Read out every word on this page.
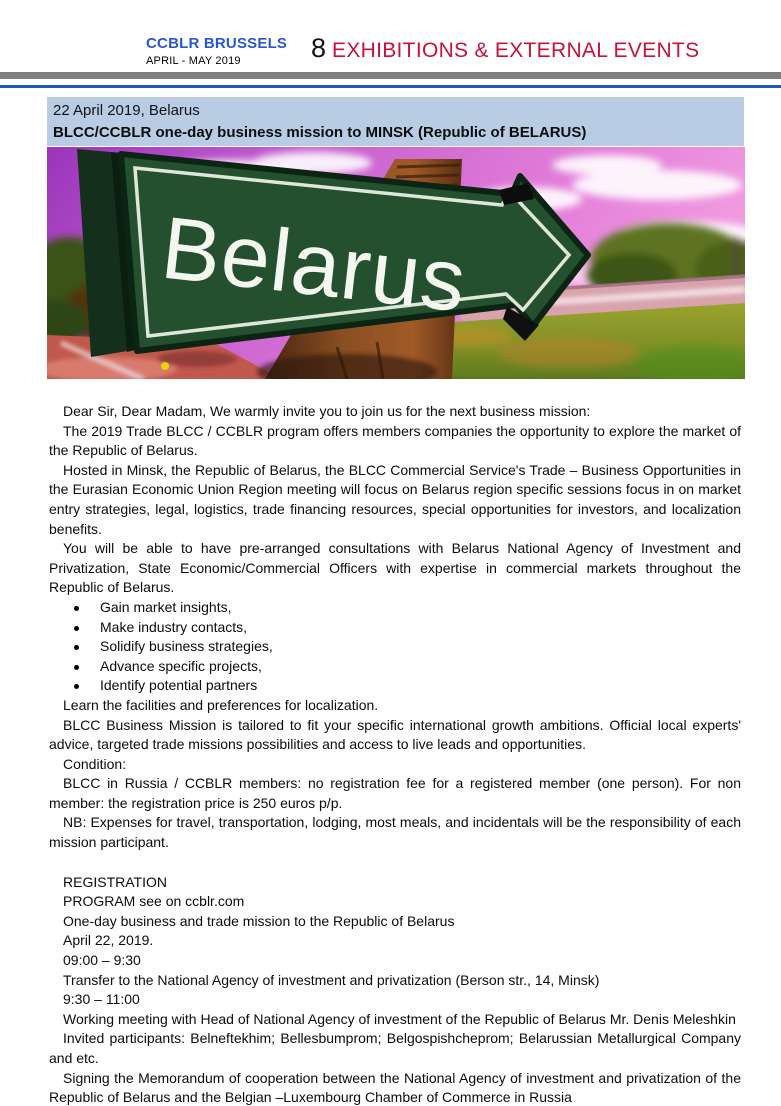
CCBLR BRUSSELS
APRIL - MAY 2019	8 EXHIBITIONS & EXTERNAL EVENTS
22 April 2019, Belarus
BLCC/CCBLR one-day business mission to MINSK (Republic of BELARUS)
Belarus

Dear Sir, Dear Madam, We warmly invite you to join us for the next business mission:

The 2019 Trade BLCC / CCBLR program offers members companies the opportunity to explore the market of the Republic of Belarus.

Hosted in Minsk, the Republic of Belarus, the BLCC Commercial Service's Trade – Business Opportunities in the Eurasian Economic Union Region meeting will focus on Belarus region specific sessions focus in on market entry strategies, legal, logistics, trade financing resources, special opportunities for investors, and localization benefits.

You will be able to have pre-arranged consultations with Belarus National Agency of Investment and Privatization, State Economic/Commercial Officers with expertise in commercial markets throughout the Republic of Belarus.

Gain market insights,
Make industry contacts,
Solidify business strategies,
Advance specific projects,
Identify potential partners

Learn the facilities and preferences for localization.

BLCC Business Mission is tailored to fit your specific international growth ambitions. Official local experts' advice, targeted trade missions possibilities and access to live leads and opportunities.

Condition:

BLCC in Russia / CCBLR members: no registration fee for a registered member (one person). For non member: the registration price is 250 euros p/p.

NB: Expenses for travel, transportation, lodging, most meals, and incidentals will be the responsibility of each mission participant.

REGISTRATION
PROGRAM see on ccblr.com
One-day business and trade mission to the Republic of Belarus
April 22, 2019.
09:00 – 9:30
Transfer to the National Agency of investment and privatization (Berson str., 14, Minsk)
9:30 – 11:00
Working meeting with Head of National Agency of investment of the Republic of Belarus Mr. Denis Meleshkin

Invited participants: Belneftekhim; Bellesbumprom; Belgospishcheprom; Belarussian Metallurgical Company and etc.

Signing the Memorandum of cooperation between the National Agency of investment and privatization of the Republic of Belarus and the Belgian –Luxembourg Chamber of Commerce in Russia
